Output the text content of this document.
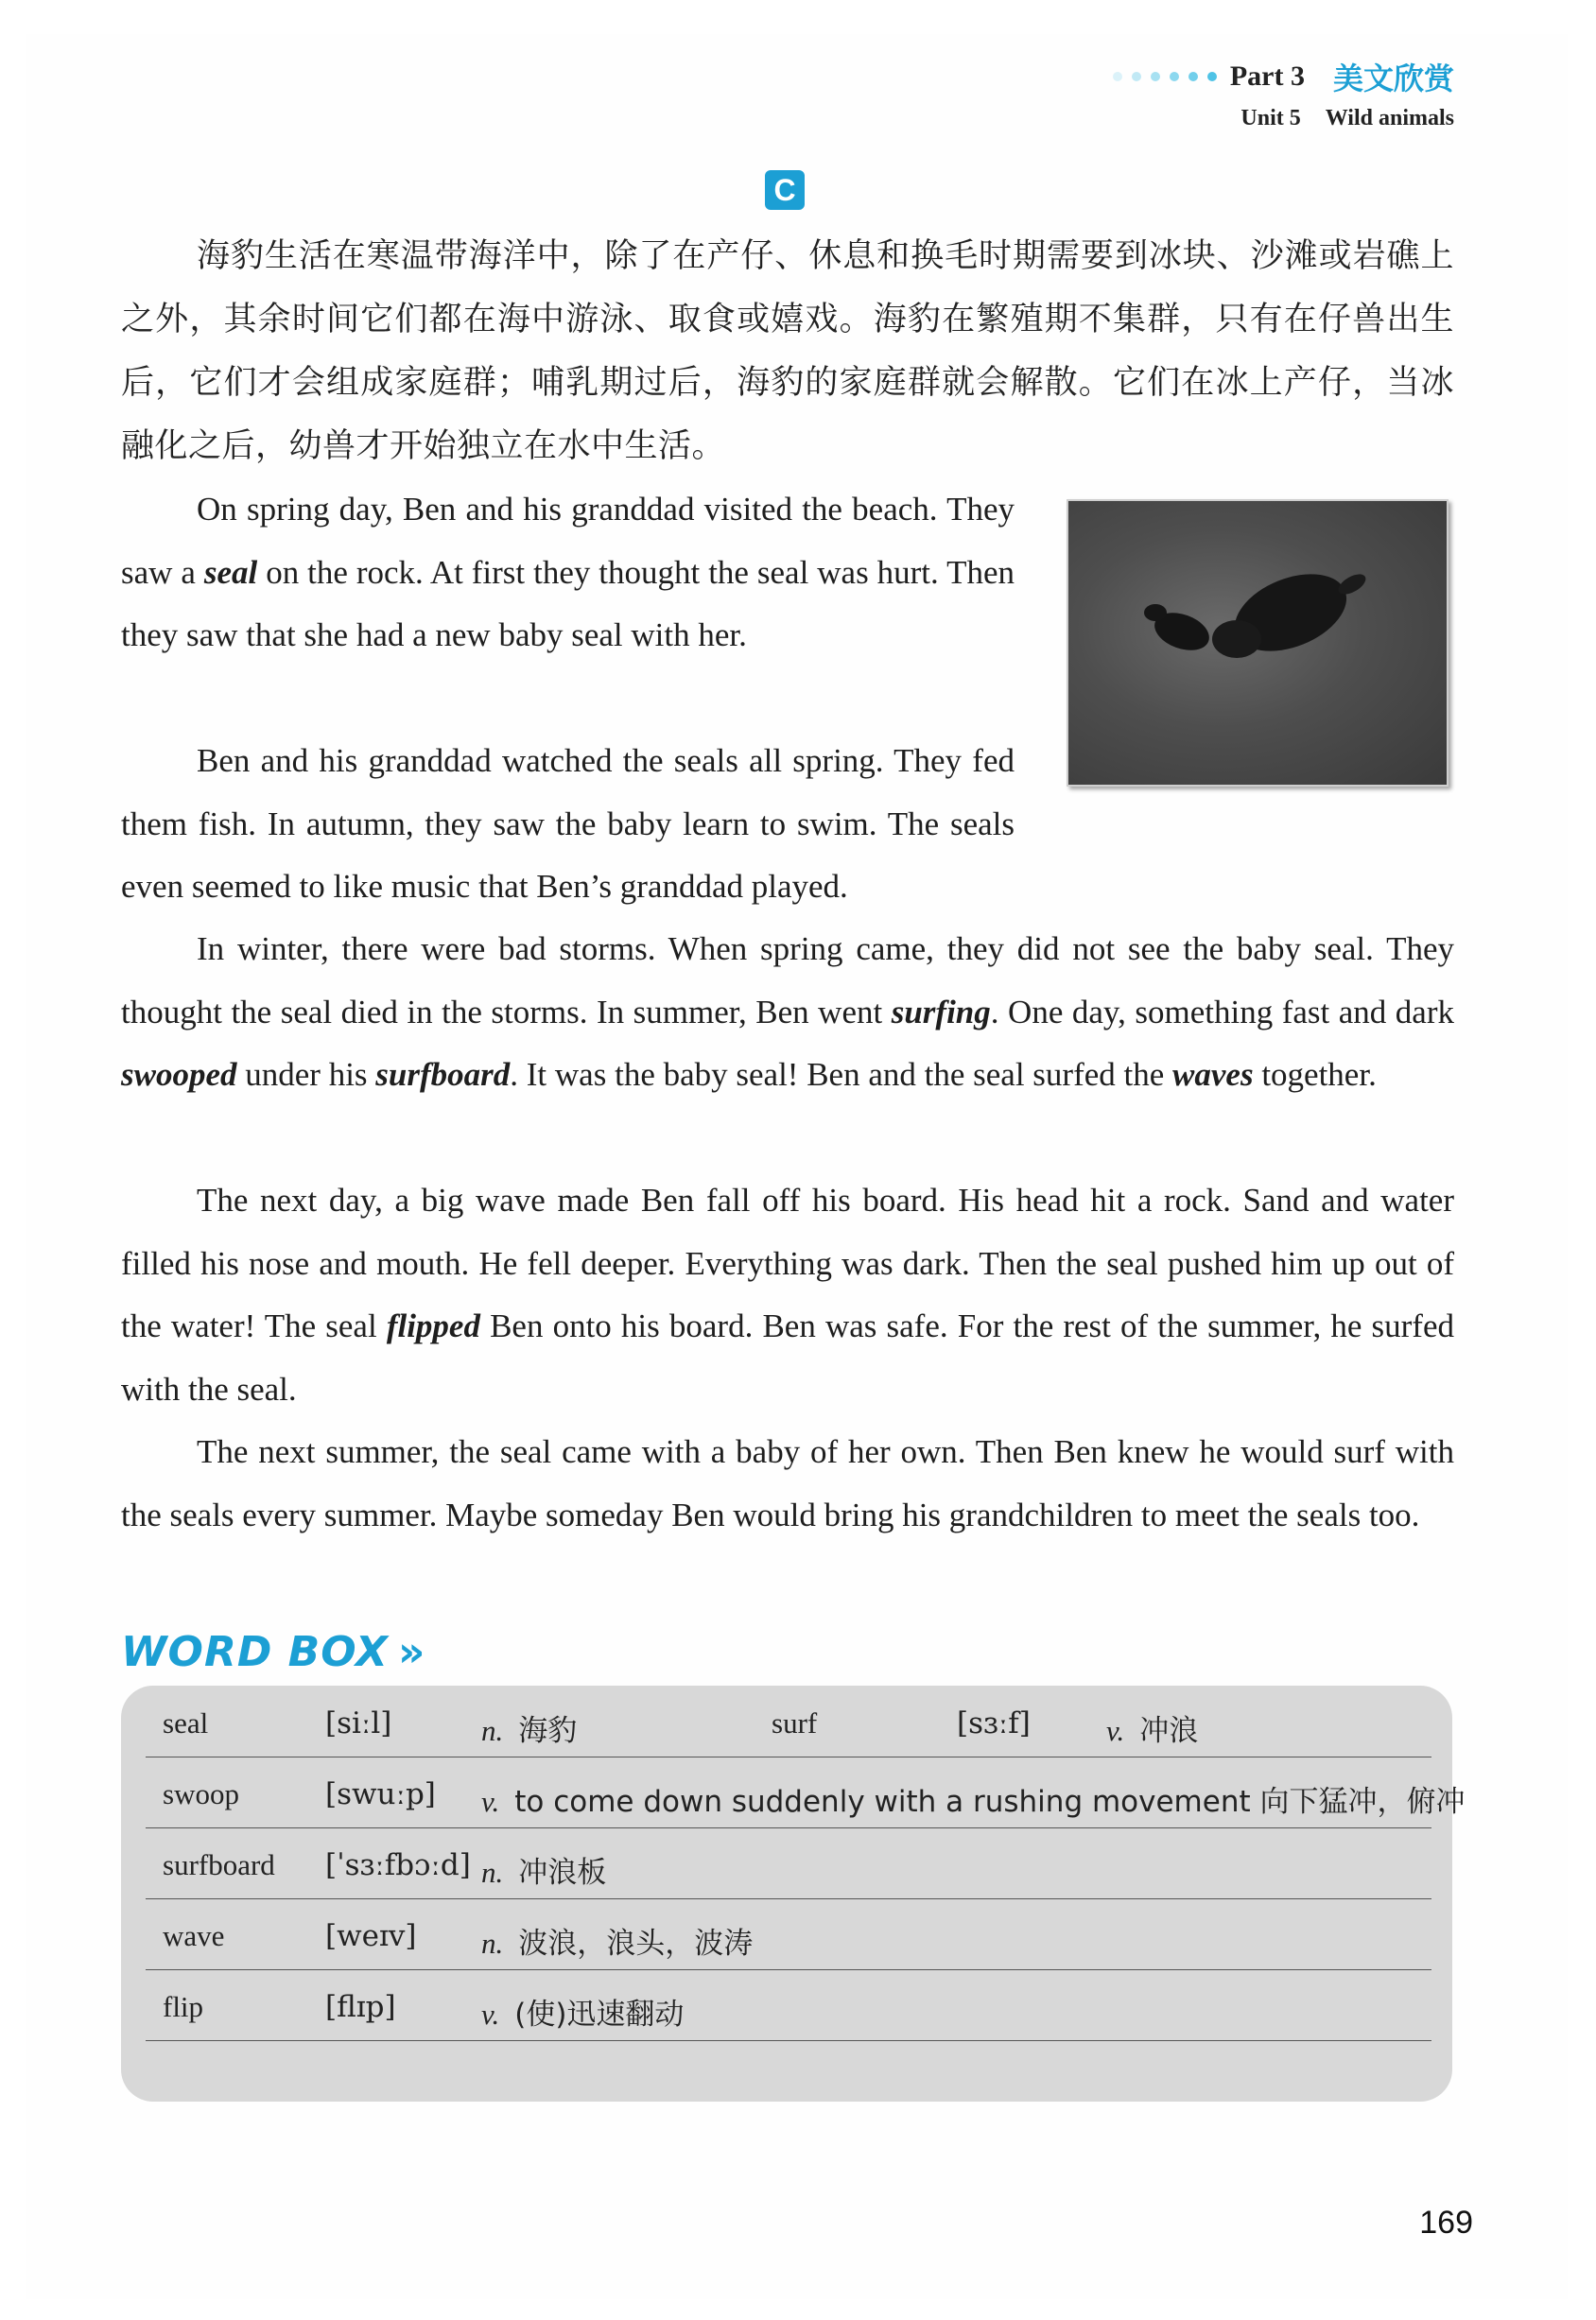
Part 3 美文欣赏
Unit 5 Wild animals
C

海豹生活在寒温带海洋中，除了在产仔、休息和换毛时期需要到冰块、沙滩或岩礁上之外，其余时间它们都在海中游泳、取食或嬉戏。海豹在繁殖期不集群，只有在仔兽出生后，它们才会组成家庭群；哺乳期过后，海豹的家庭群就会解散。它们在冰上产仔，当冰融化之后，幼兽才开始独立在水中生活。

On spring day, Ben and his granddad visited the beach. They saw a seal on the rock. At first they thought the seal was hurt. Then they saw that she had a new baby seal with her.

Ben and his granddad watched the seals all spring. They fed them fish. In autumn, they saw the baby learn to swim. The seals even seemed to like music that Ben’s granddad played.

In winter, there were bad storms. When spring came, they did not see the baby seal. They thought the seal died in the storms. In summer, Ben went surfing. One day, something fast and dark swooped under his surfboard. It was the baby seal! Ben and the seal surfed the waves together.

The next day, a big wave made Ben fall off his board. His head hit a rock. Sand and water filled his nose and mouth. He fell deeper. Everything was dark. Then the seal pushed him up out of the water! The seal flipped Ben onto his board. Ben was safe. For the rest of the summer, he surfed with the seal.

The next summer, the seal came with a baby of her own. Then Ben knew he would surf with the seals every summer. Maybe someday Ben would bring his grandchildren to meet the seals too.

WORD BOX »
seal	[siːl]	n. 海豹	surf	[sɜːf]	v. 冲浪
swoop	[swuːp] v. to come down suddenly with a rushing movement 向下猛冲，俯冲
surfboard [ˈsɜːfbɔːd] n. 冲浪板
wave	[weɪv] n. 波浪，浪头，波涛
flip	[flɪp]	v. (使)迅速翻动
169
